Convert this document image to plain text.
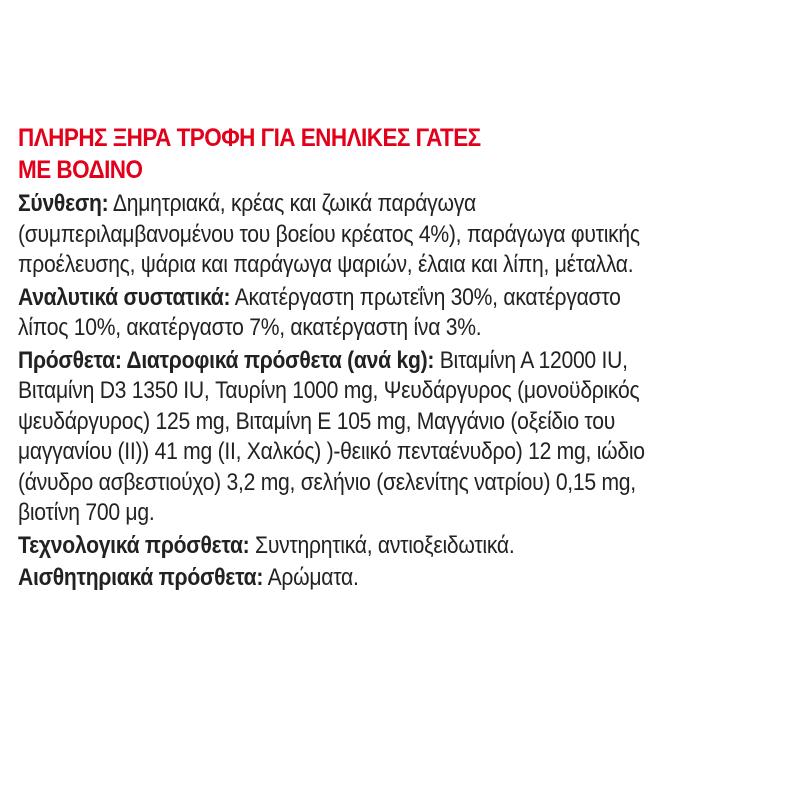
ΠΛΗΡΗΣ ΞΗΡΑ ΤΡΟΦΗ ΓΙΑ ΕΝΗΛΙΚΕΣ ΓΑΤΕΣ
ΜΕ ΒΟΔΙΝΟ

Σύνθεση: Δημητριακά, κρέας και ζωικά παράγωγα
(συμπεριλαμβανομένου του βοείου κρέατος 4%), παράγωγα φυτικής
προέλευσης, ψάρια και παράγωγα ψαριών, έλαια και λίπη, μέταλλα.

Αναλυτικά συστατικά: Ακατέργαστη πρωτεΐνη 30%, ακατέργαστο
λίπος 10%, ακατέργαστο 7%, ακατέργαστη ίνα 3%.

Πρόσθετα: Διατροφικά πρόσθετα (ανά kg): Βιταμίνη Α 12000 IU,
Βιταμίνη D3 1350 IU, Ταυρίνη 1000 mg, Ψευδάργυρος (μονοϋδρικός
ψευδάργυρος) 125 mg, Βιταμίνη E 105 mg, Μαγγάνιο (οξείδιο του
μαγγανίου (II)) 41 mg (II, Χαλκός) )-θειικό πενταένυδρο) 12 mg, ιώδιο
(άνυδρο ασβεστιούχο) 3,2 mg, σελήνιο (σελενίτης νατρίου) 0,15 mg,
βιοτίνη 700 μg.

Τεχνολογικά πρόσθετα: Συντηρητικά, αντιοξειδωτικά.

Αισθητηριακά πρόσθετα: Αρώματα.
